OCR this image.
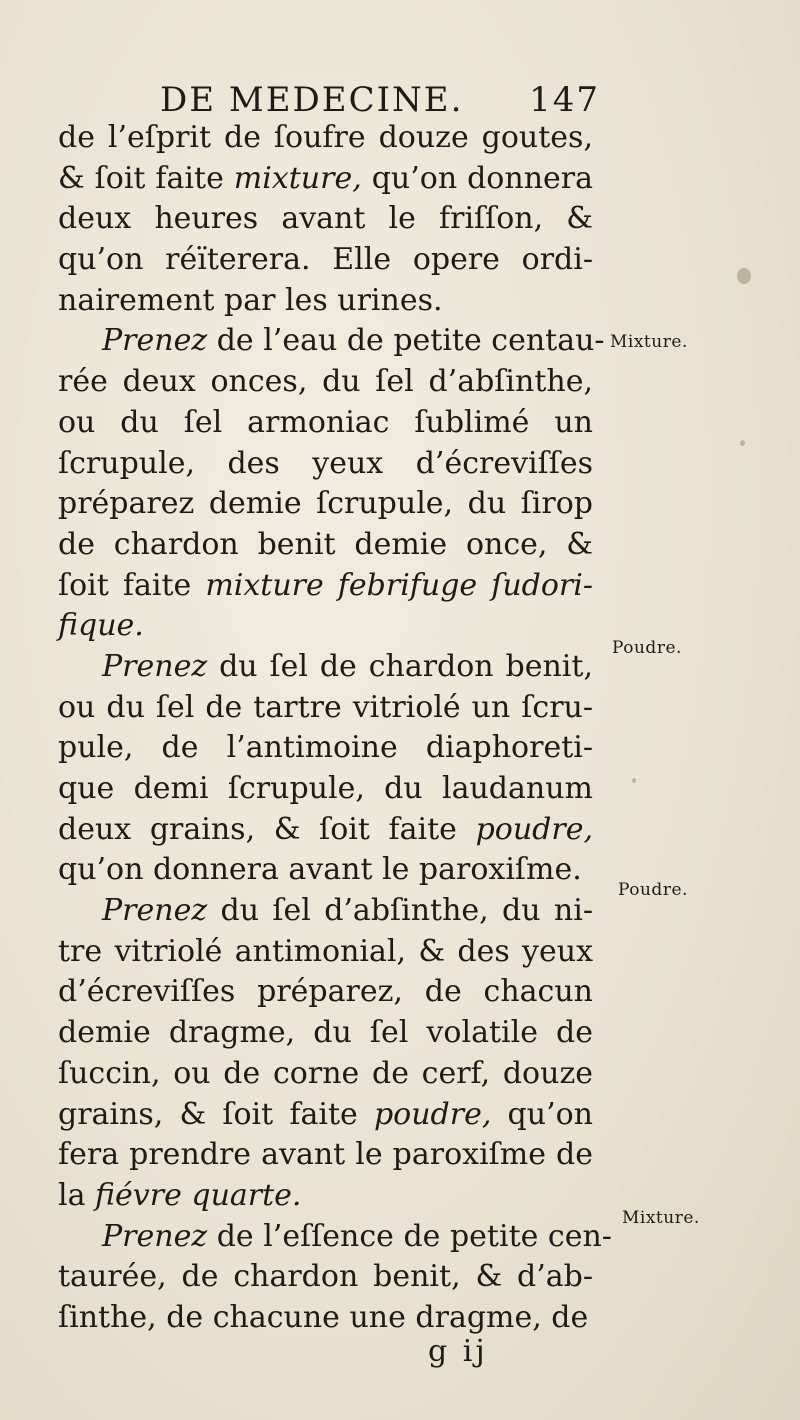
DE MEDECINE. 147
de l’eſprit de ſoufre douze goutes,
& ſoit faite mixture, qu’on donnera
deux heures avant le friſſon, &
qu’on réïterera. Elle opere ordi-
nairement par les urines.
Prenez de l’eau de petite centau-
rée deux onces, du ſel d’abſinthe,
ou du ſel armoniac ſublimé un
ſcrupule, des yeux d’écreviſſes
préparez demie ſcrupule, du ſirop
de chardon benit demie once, &
ſoit faite mixture febrifuge ſudori-
fique.
Prenez du ſel de chardon benit,
ou du ſel de tartre vitriolé un ſcru-
pule, de l’antimoine diaphoreti-
que demi ſcrupule, du laudanum
deux grains, & ſoit faite poudre,
qu’on donnera avant le paroxiſme.
Prenez du ſel d’abſinthe, du ni-
tre vitriolé antimonial, & des yeux
d’écreviſſes préparez, de chacun
demie dragme, du ſel volatile de
ſuccin, ou de corne de cerf, douze
grains, & ſoit faite poudre, qu’on
fera prendre avant le paroxiſme de
la fiévre quarte.
Prenez de l’eſſence de petite cen-
taurée, de chardon benit, & d’ab-
ſinthe, de chacune une dragme, de
Mixture.
Poudre.
Poudre.
Mixture.
g ij
